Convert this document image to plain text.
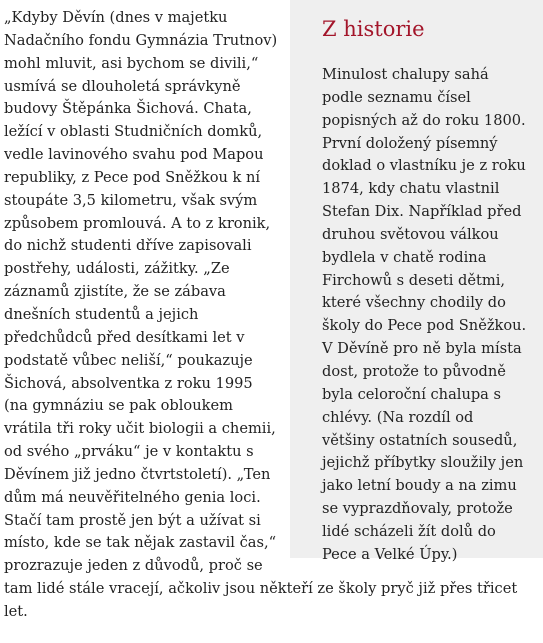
Z historie

Minulost chalupy sahá podle seznamu čísel popisných až do roku 1800. První doložený písemný doklad o vlastníku je z roku 1874, kdy chatu vlastnil Stefan Dix. Například před druhou světovou válkou bydlela v chatě rodina Firchowů s deseti dětmi, které všechny chodily do školy do Pece pod Sněžkou. V Děvíně pro ně byla místa dost, protože to původně byla celoroční chalupa s chlévy. (Na rozdíl od většiny ostatních sousedů, jejichž příbytky sloužily jen jako letní boudy a na zimu se vyprazdňovaly, protože lidé scházeli žít dolů do Pece a Velké Úpy.)

„Kdyby Děvín (dnes v majetku Nadačního fondu Gymnázia Trutnov) mohl mluvit, asi bychom se divili,“ usmívá se dlouholetá správkyně budovy Štěpánka Šichová. Chata, ležící v oblasti Studničních domků, vedle lavinového svahu pod Mapou republiky, z Pece pod Sněžkou k ní stoupáte 3,5 kilometru, však svým způsobem promlouvá. A to z kronik, do nichž studenti dříve zapisovali postřehy, události, zážitky. „Ze záznamů zjistíte, že se zábava dnešních studentů a jejich předchůdců před desítkami let v podstatě vůbec neliší,“ poukazuje Šichová, absolventka z roku 1995 (na gymnáziu se pak obloukem vrátila tři roky učit biologii a chemii, od svého „prváku“ je v kontaktu s Děvínem již jedno čtvrtstoletí). „Ten dům má neuvěřitelného genia loci. Stačí tam prostě jen být a užívat si místo, kde se tak nějak zastavil čas,“ prozrazuje jeden z důvodů, proč se tam lidé stále vracejí, ačkoliv jsou někteří ze školy pryč již přes třicet let.
